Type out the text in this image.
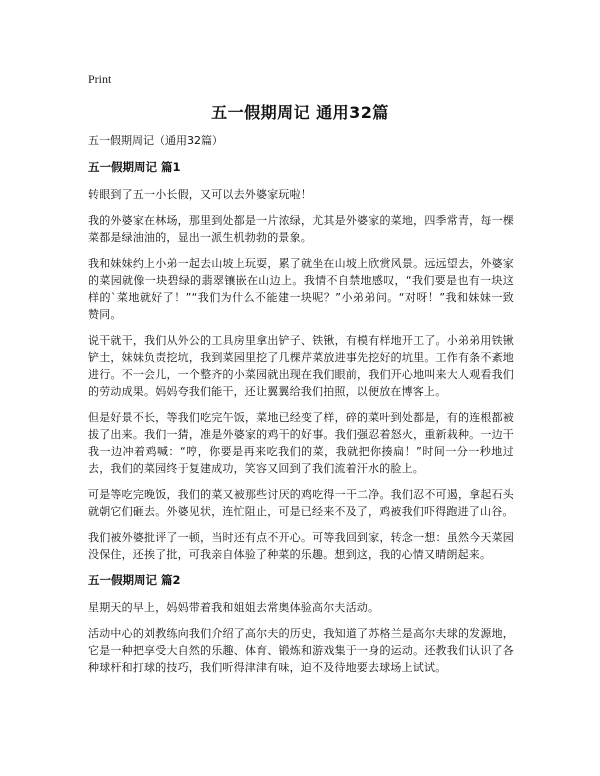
Print
五一假期周记 通用32篇

五一假期周记（通用32篇）

五一假期周记 篇1

转眼到了五一小长假，又可以去外婆家玩啦！

我的外婆家在林场，那里到处都是一片浓绿，尤其是外婆家的菜地，四季常青，每一棵菜都是绿油油的，显出一派生机勃勃的景象。

我和妹妹约上小弟一起去山坡上玩耍，累了就坐在山坡上欣赏风景。远远望去，外婆家的菜园就像一块碧绿的翡翠镶嵌在山边上。我情不自禁地感叹，“我们要是也有一块这样的`菜地就好了！”“我们为什么不能建一块呢？”小弟弟问。“对呀！”我和妹妹一致赞同。

说干就干，我们从外公的工具房里拿出铲子、铁锹，有模有样地开工了。小弟弟用铁锹铲土，妹妹负责挖坑，我到菜园里挖了几棵芹菜放进事先挖好的坑里。工作有条不紊地进行。不一会儿，一个整齐的小菜园就出现在我们眼前，我们开心地叫来大人观看我们的劳动成果。妈妈夸我们能干，还让翼翼给我们拍照，以便放在博客上。

但是好景不长，等我们吃完午饭，菜地已经变了样，碎的菜叶到处都是，有的连根都被拔了出来。我们一猜，准是外婆家的鸡干的好事。我们强忍着怒火，重新栽种。一边干我一边冲着鸡喊：“哼，你要是再来吃我们的菜，我就把你揍扁！”时间一分一秒地过去，我们的菜园终于复建成功，笑容又回到了我们流着汗水的脸上。

可是等吃完晚饭，我们的菜又被那些讨厌的鸡吃得一干二净。我们忍不可遏，拿起石头就朝它们砸去。外婆见状，连忙阻止，可是已经来不及了，鸡被我们吓得跑进了山谷。

我们被外婆批评了一顿，当时还有点不开心。可等我回到家，转念一想：虽然今天菜园没保住，还挨了批，可我亲自体验了种菜的乐趣。想到这，我的心情又晴朗起来。

五一假期周记 篇2

星期天的早上，妈妈带着我和姐姐去常奥体验高尔夫活动。

活动中心的刘教练向我们介绍了高尔夫的历史，我知道了苏格兰是高尔夫球的发源地，它是一种把享受大自然的乐趣、体育、锻炼和游戏集于一身的运动。还教我们认识了各种球杆和打球的技巧，我们听得津津有味，迫不及待地要去球场上试试。
